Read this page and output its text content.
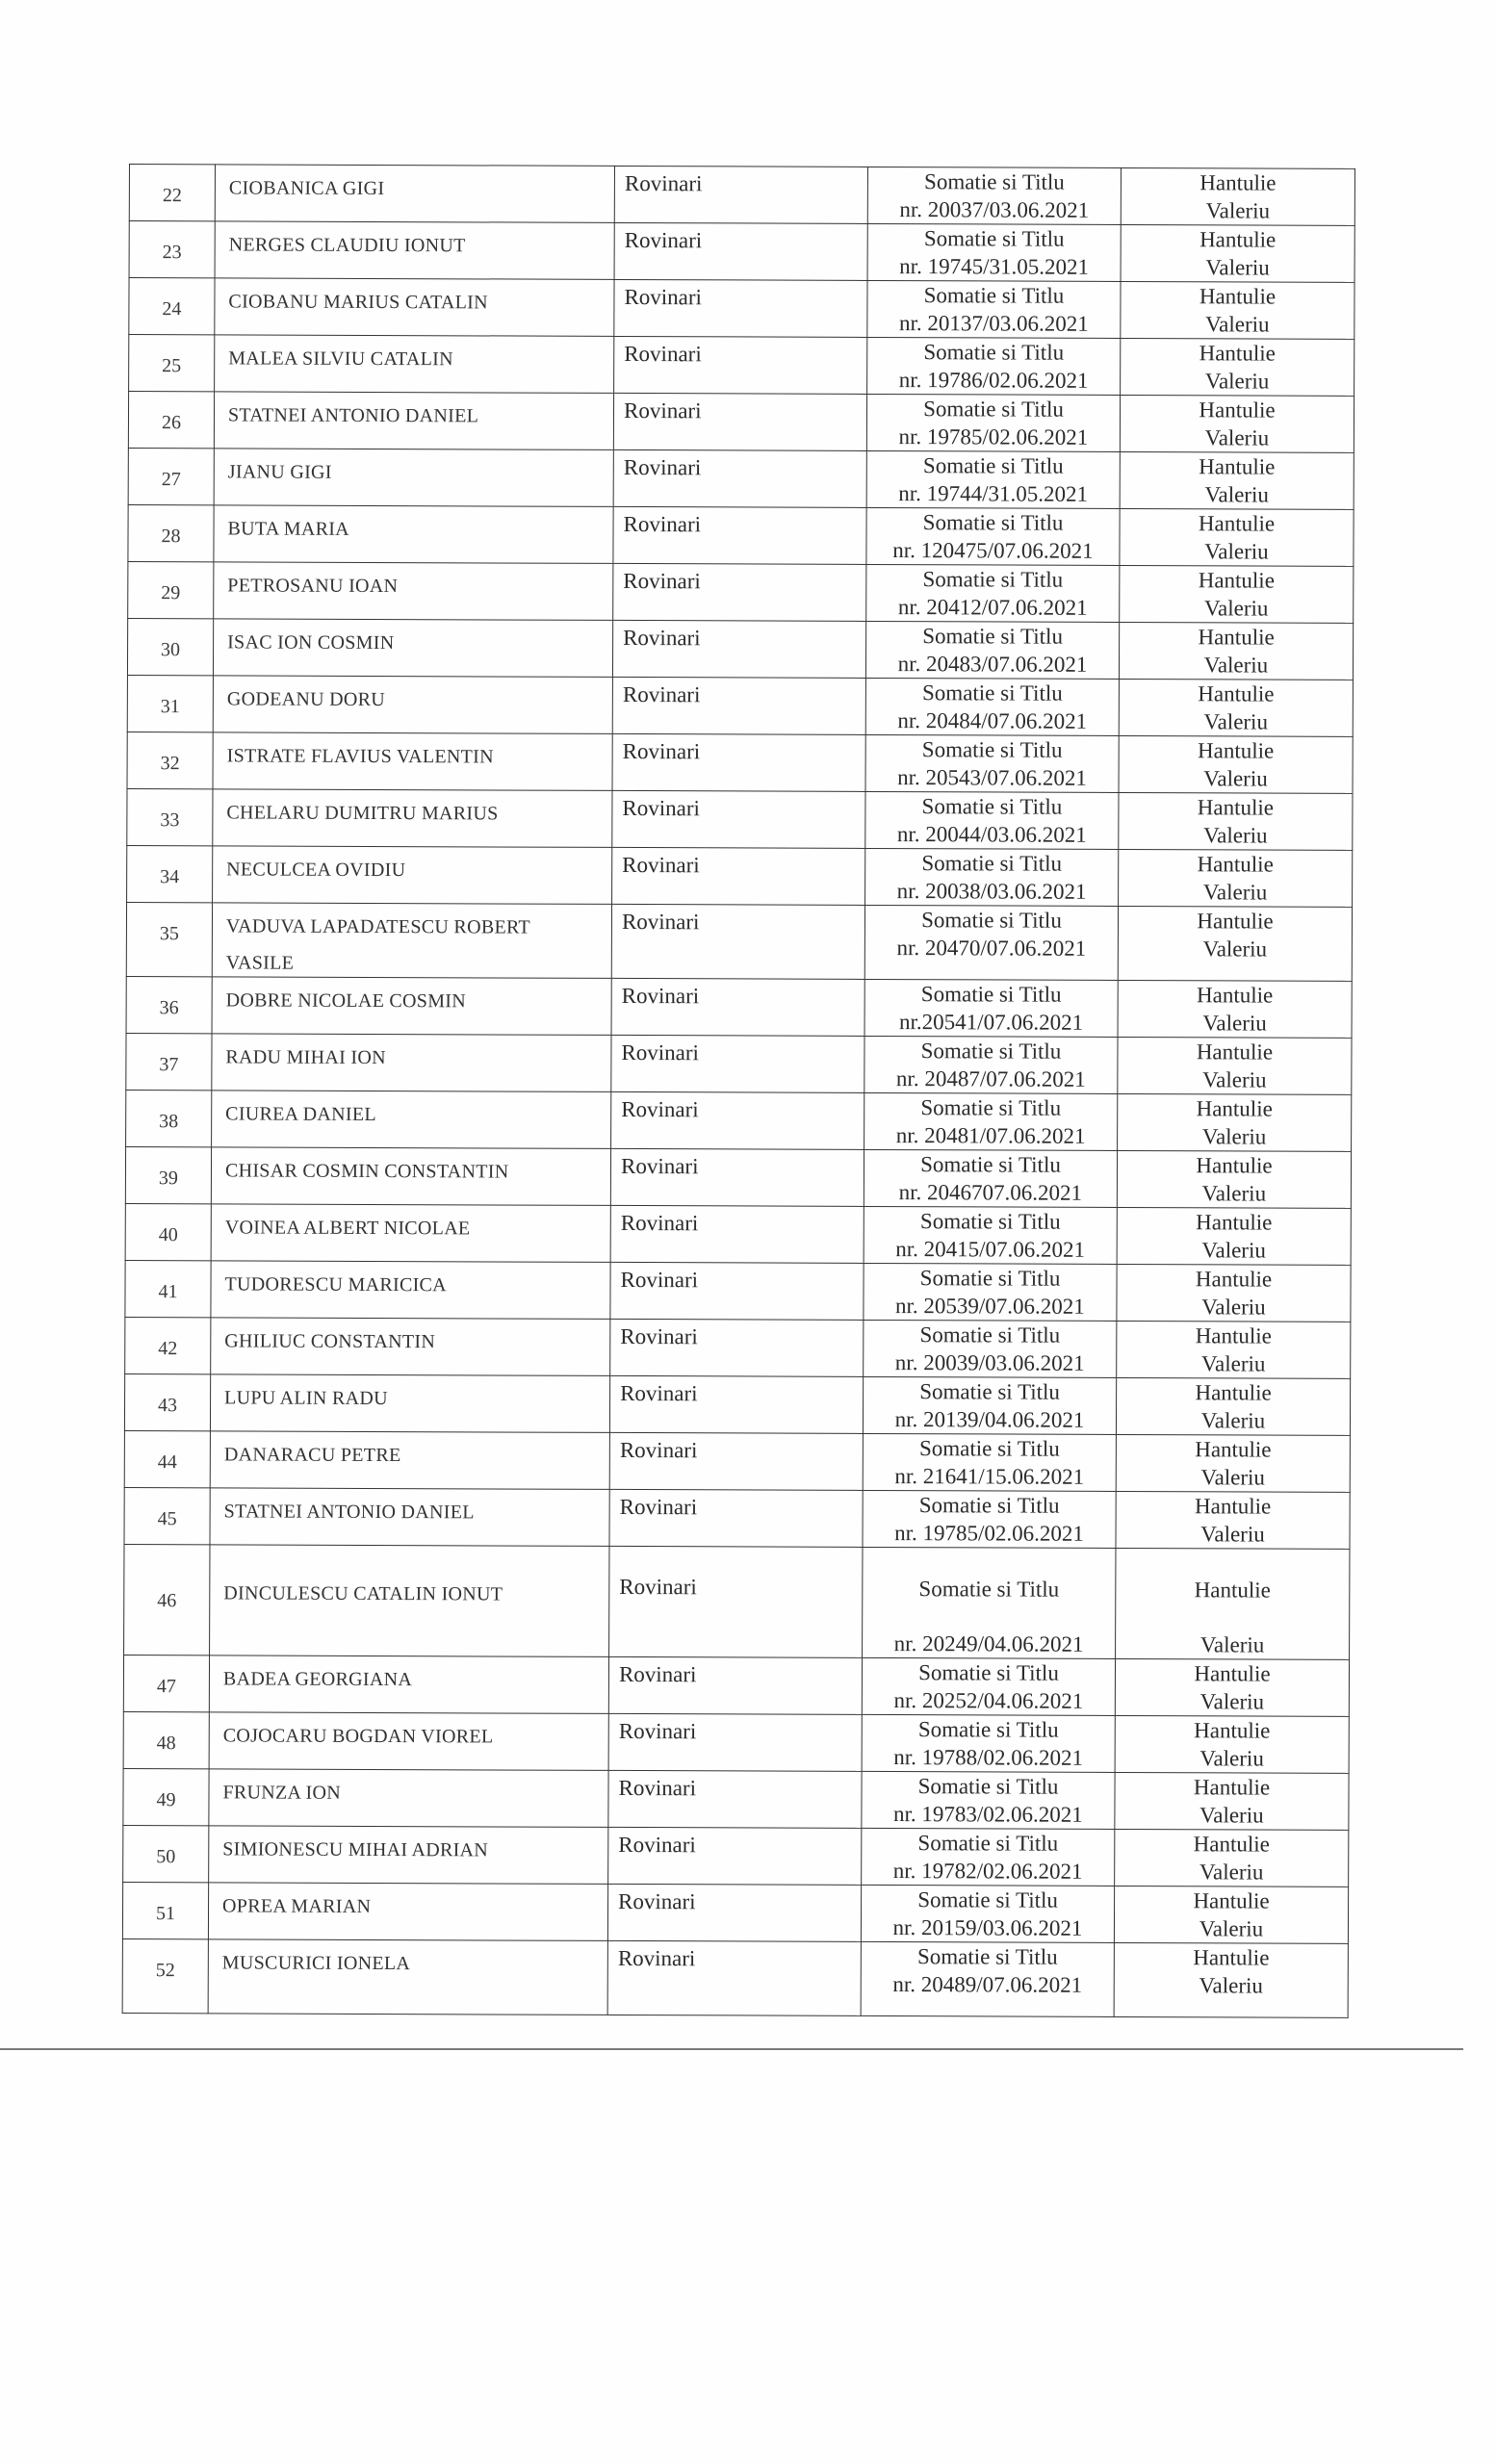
22	CIOBANICA GIGI	Rovinari	Somatie si Titlu
nr. 20037/03.06.2021	Hantulie
Valeriu

23	NERGES CLAUDIU IONUT	Rovinari	Somatie si Titlu
nr. 19745/31.05.2021	Hantulie
Valeriu

24	CIOBANU MARIUS CATALIN	Rovinari	Somatie si Titlu
nr. 20137/03.06.2021	Hantulie
Valeriu

25	MALEA SILVIU CATALIN	Rovinari	Somatie si Titlu
nr. 19786/02.06.2021	Hantulie
Valeriu

26	STATNEI ANTONIO DANIEL	Rovinari	Somatie si Titlu
nr. 19785/02.06.2021	Hantulie
Valeriu

27	JIANU GIGI	Rovinari	Somatie si Titlu
nr. 19744/31.05.2021	Hantulie
Valeriu

28	BUTA MARIA	Rovinari	Somatie si Titlu
nr. 120475/07.06.2021	Hantulie
Valeriu

29	PETROSANU IOAN	Rovinari	Somatie si Titlu
nr. 20412/07.06.2021	Hantulie
Valeriu

30	ISAC ION COSMIN	Rovinari	Somatie si Titlu
nr. 20483/07.06.2021	Hantulie
Valeriu

31	GODEANU DORU	Rovinari	Somatie si Titlu
nr. 20484/07.06.2021	Hantulie
Valeriu

32	ISTRATE FLAVIUS VALENTIN	Rovinari	Somatie si Titlu
nr. 20543/07.06.2021	Hantulie
Valeriu

33	CHELARU DUMITRU MARIUS	Rovinari	Somatie si Titlu
nr. 20044/03.06.2021	Hantulie
Valeriu

34	NECULCEA OVIDIU	Rovinari	Somatie si Titlu
nr. 20038/03.06.2021	Hantulie
Valeriu

35	VADUVA LAPADATESCU ROBERT
VASILE	Rovinari	Somatie si Titlu
nr. 20470/07.06.2021	Hantulie
Valeriu

36	DOBRE NICOLAE COSMIN	Rovinari	Somatie si Titlu
nr.20541/07.06.2021	Hantulie
Valeriu

37	RADU MIHAI ION	Rovinari	Somatie si Titlu
nr. 20487/07.06.2021	Hantulie
Valeriu

38	CIUREA DANIEL	Rovinari	Somatie si Titlu
nr. 20481/07.06.2021	Hantulie
Valeriu

39	CHISAR COSMIN CONSTANTIN	Rovinari	Somatie si Titlu
nr. 2046707.06.2021	Hantulie
Valeriu

40	VOINEA ALBERT NICOLAE	Rovinari	Somatie si Titlu
nr. 20415/07.06.2021	Hantulie
Valeriu

41	TUDORESCU MARICICA	Rovinari	Somatie si Titlu
nr. 20539/07.06.2021	Hantulie
Valeriu

42	GHILIUC CONSTANTIN	Rovinari	Somatie si Titlu
nr. 20039/03.06.2021	Hantulie
Valeriu

43	LUPU ALIN RADU	Rovinari	Somatie si Titlu
nr. 20139/04.06.2021	Hantulie
Valeriu

44	DANARACU PETRE	Rovinari	Somatie si Titlu
nr. 21641/15.06.2021	Hantulie
Valeriu

45	STATNEI ANTONIO DANIEL	Rovinari	Somatie si Titlu
nr. 19785/02.06.2021	Hantulie
Valeriu

46	DINCULESCU CATALIN IONUT	Rovinari	Somatie si Titlu
nr. 20249/04.06.2021	Hantulie
Valeriu

47	BADEA GEORGIANA	Rovinari	Somatie si Titlu
nr. 20252/04.06.2021	Hantulie
Valeriu

48	COJOCARU BOGDAN VIOREL	Rovinari	Somatie si Titlu
nr. 19788/02.06.2021	Hantulie
Valeriu

49	FRUNZA ION	Rovinari	Somatie si Titlu
nr. 19783/02.06.2021	Hantulie
Valeriu

50	SIMIONESCU MIHAI ADRIAN	Rovinari	Somatie si Titlu
nr. 19782/02.06.2021	Hantulie
Valeriu

51	OPREA MARIAN	Rovinari	Somatie si Titlu
nr. 20159/03.06.2021	Hantulie
Valeriu

52	MUSCURICI IONELA	Rovinari	Somatie si Titlu
nr. 20489/07.06.2021	Hantulie
Valeriu
